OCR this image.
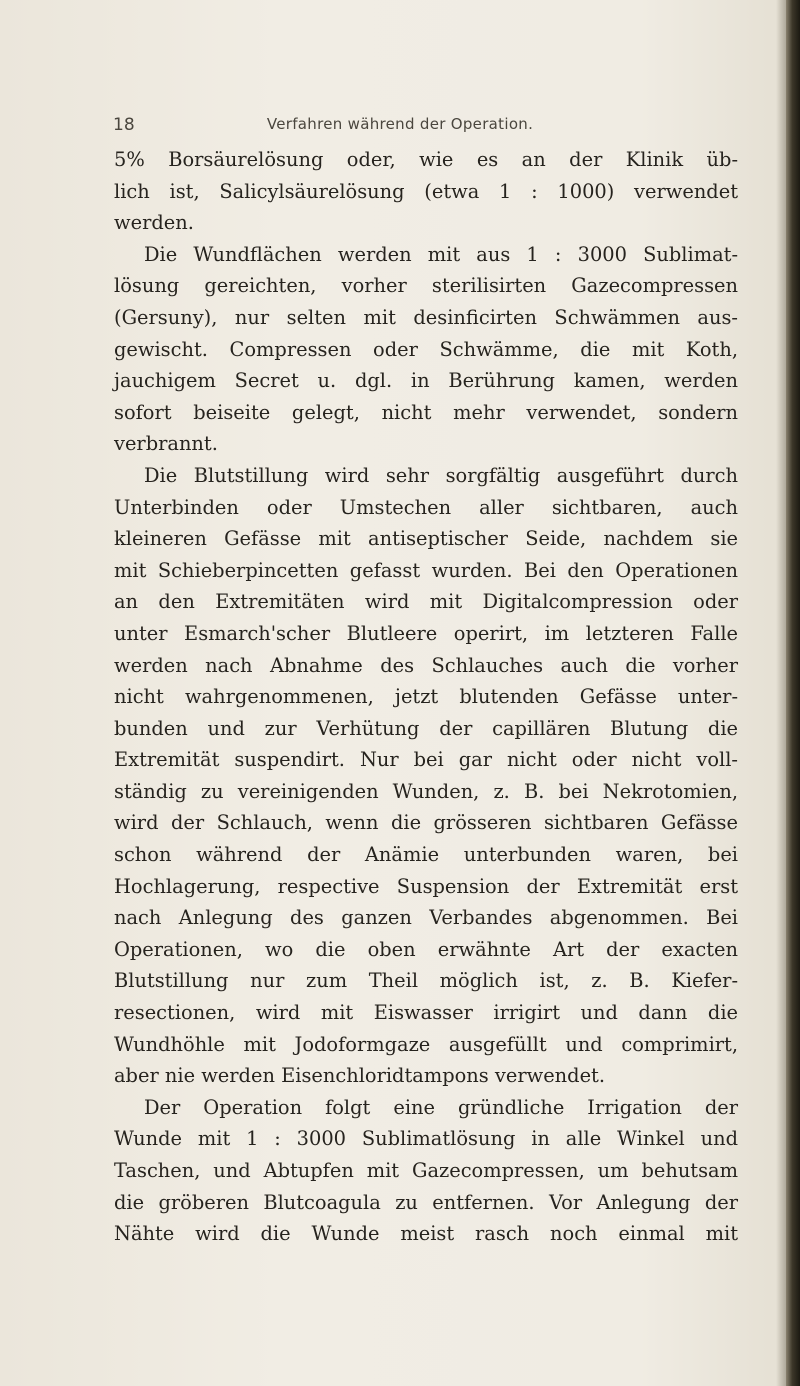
18	Verfahren während der Operation.
5% Borsäurelösung oder, wie es an der Klinik üb-
lich ist, Salicylsäurelösung (etwa 1 : 1000) verwendet
werden.
Die Wundflächen werden mit aus 1 : 3000 Sublimat-
lösung gereichten, vorher sterilisirten Gazecompressen
(Gersuny), nur selten mit desinficirten Schwämmen aus-
gewischt. Compressen oder Schwämme, die mit Koth,
jauchigem Secret u. dgl. in Berührung kamen, werden
sofort beiseite gelegt, nicht mehr verwendet, sondern
verbrannt.
Die Blutstillung wird sehr sorgfältig ausgeführt durch
Unterbinden oder Umstechen aller sichtbaren, auch
kleineren Gefässe mit antiseptischer Seide, nachdem sie
mit Schieberpincetten gefasst wurden. Bei den Operationen
an den Extremitäten wird mit Digitalcompression oder
unter Esmarch'scher Blutleere operirt, im letzteren Falle
werden nach Abnahme des Schlauches auch die vorher
nicht wahrgenommenen, jetzt blutenden Gefässe unter-
bunden und zur Verhütung der capillären Blutung die
Extremität suspendirt. Nur bei gar nicht oder nicht voll-
ständig zu vereinigenden Wunden, z. B. bei Nekrotomien,
wird der Schlauch, wenn die grösseren sichtbaren Gefässe
schon während der Anämie unterbunden waren, bei
Hochlagerung, respective Suspension der Extremität erst
nach Anlegung des ganzen Verbandes abgenommen. Bei
Operationen, wo die oben erwähnte Art der exacten
Blutstillung nur zum Theil möglich ist, z. B. Kiefer-
resectionen, wird mit Eiswasser irrigirt und dann die
Wundhöhle mit Jodoformgaze ausgefüllt und comprimirt,
aber nie werden Eisenchloridtampons verwendet.
Der Operation folgt eine gründliche Irrigation der
Wunde mit 1 : 3000 Sublimatlösung in alle Winkel und
Taschen, und Abtupfen mit Gazecompressen, um behutsam
die gröberen Blutcoagula zu entfernen. Vor Anlegung der
Nähte wird die Wunde meist rasch noch einmal mit
